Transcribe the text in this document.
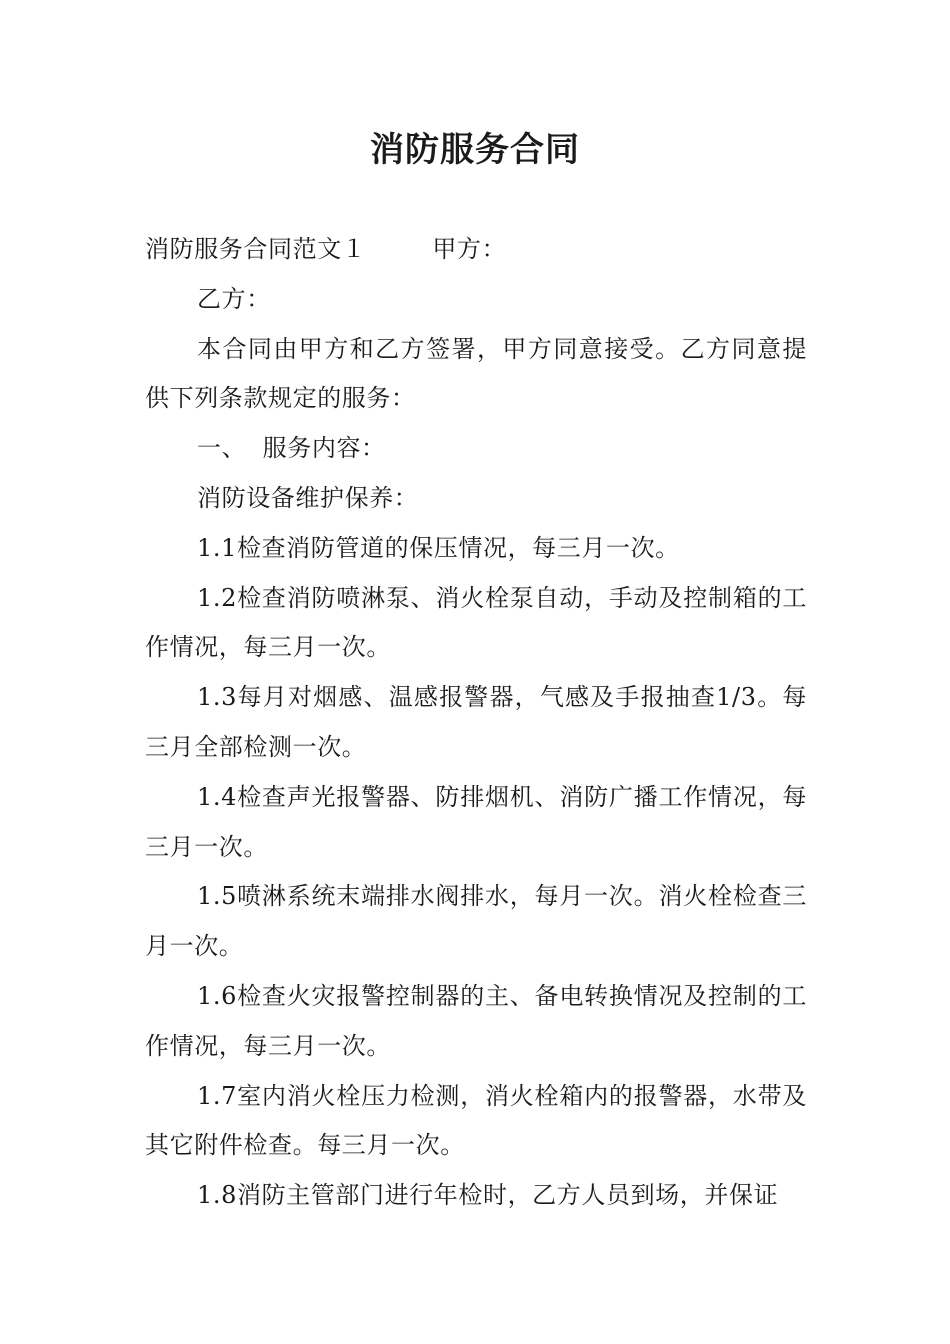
消防服务合同

消防服务合同范文１	甲方：

乙方：

本合同由甲方和乙方签署，甲方同意接受。乙方同意提供下列条款规定的服务：

一、  服务内容：

消防设备维护保养：

1.1检查消防管道的保压情况，每三月一次。

1.2检查消防喷淋泵、消火栓泵自动，手动及控制箱的工作情况，每三月一次。

1.3每月对烟感、温感报警器，气感及手报抽查1/3。每三月全部检测一次。

1.4检查声光报警器、防排烟机、消防广播工作情况，每三月一次。

1.5喷淋系统末端排水阀排水，每月一次。消火栓检查三月一次。

1.6检查火灾报警控制器的主、备电转换情况及控制的工作情况，每三月一次。

1.7室内消火栓压力检测，消火栓箱内的报警器，水带及其它附件检查。每三月一次。

1.8消防主管部门进行年检时，乙方人员到场，并保证
